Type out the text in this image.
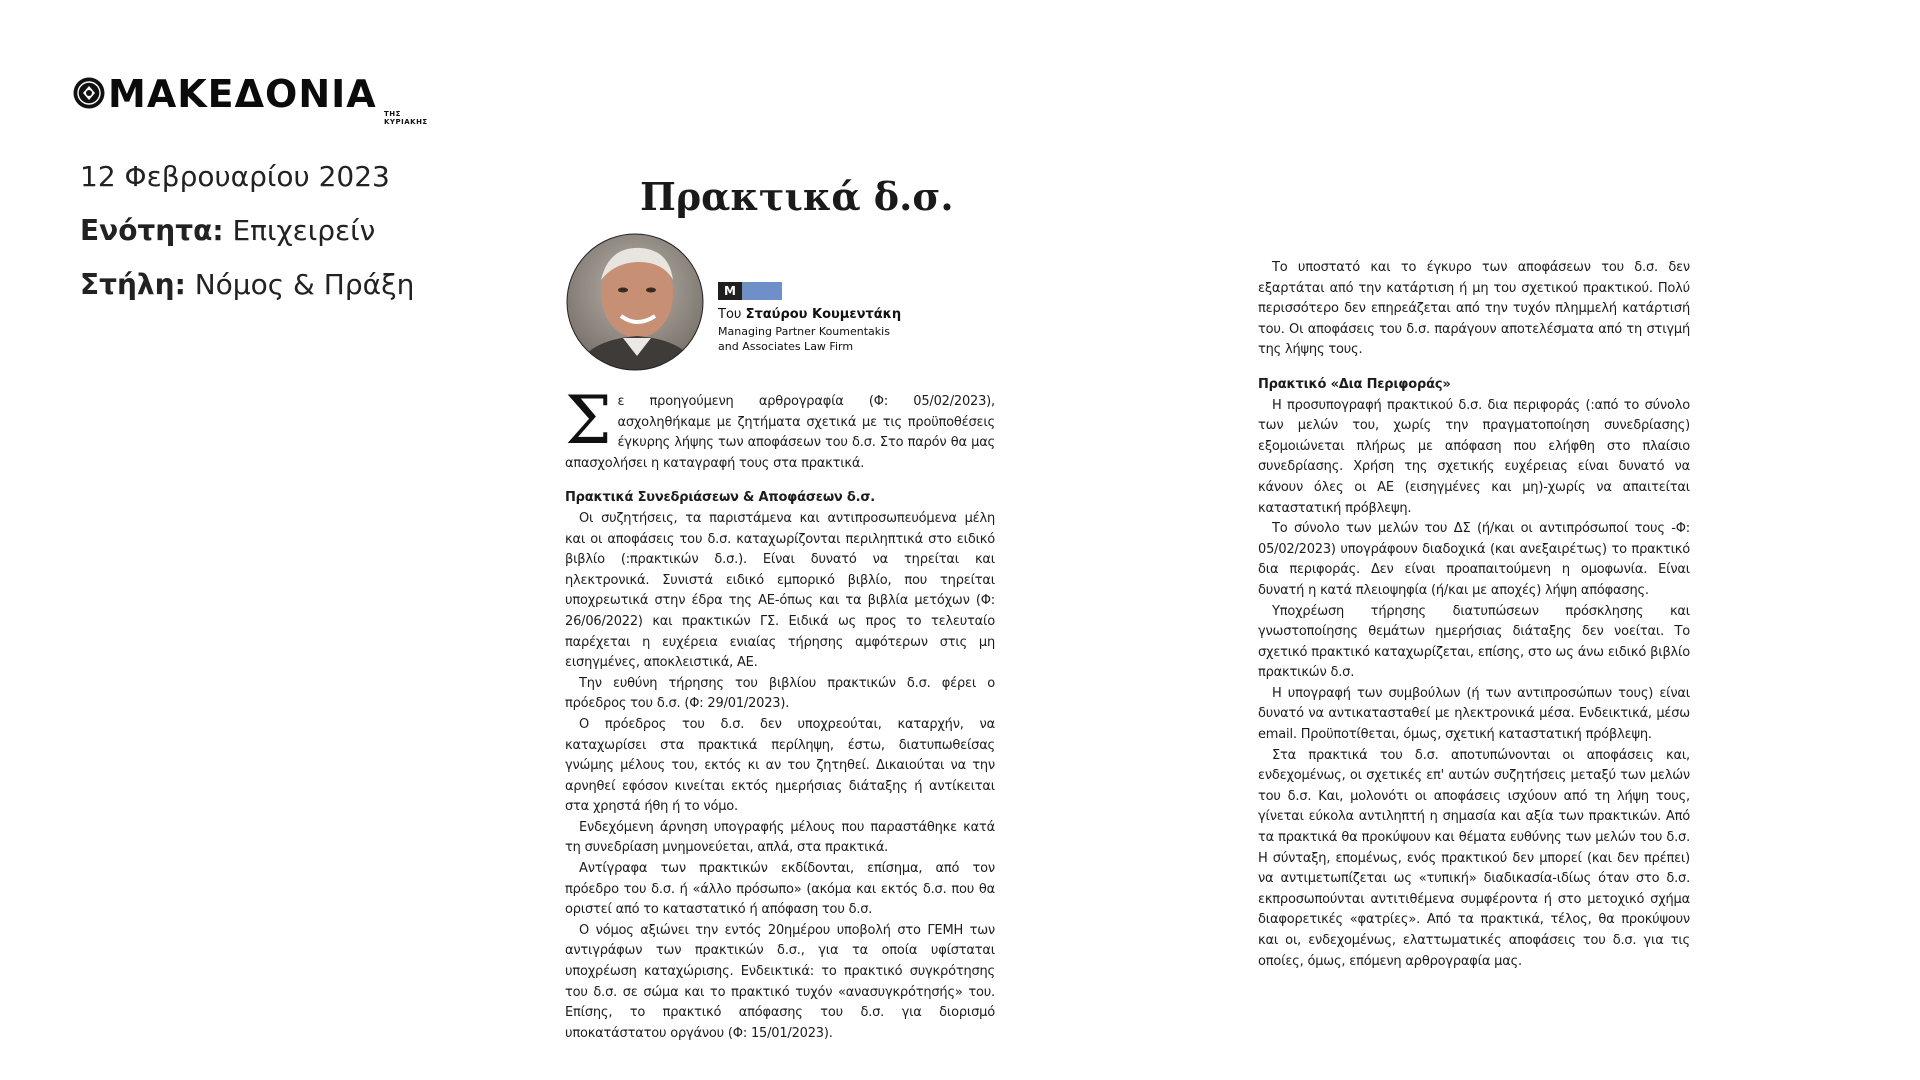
ΜΑΚΕΔΟΝΙΑ ΤΗΣ ΚΥΡΙΑΚΗΣ
12 Φεβρουαρίου 2023
Ενότητα: Επιχειρείν
Στήλη: Νόμος & Πράξη
Πρακτικά δ.σ.
M
Του Σταύρου Κουμεντάκη
Managing Partner Koumentakis
and Associates Law Firm
Σ ε προηγούμενη αρθρογραφία (Φ: 05/02/2023), ασχοληθήκαμε με ζητήματα σχετικά με τις προϋποθέσεις έγκυρης λήψης των αποφάσεων του δ.σ. Στο παρόν θα μας απασχολήσει η καταγραφή τους στα πρακτικά.

Πρακτικά Συνεδριάσεων & Αποφάσεων δ.σ.

Οι συζητήσεις, τα παριστάμενα και αντιπροσωπευόμενα μέλη και οι αποφάσεις του δ.σ. καταχωρίζονται περιληπτικά στο ειδικό βιβλίο (:πρακτικών δ.σ.). Είναι δυνατό να τηρείται και ηλεκτρονικά. Συνιστά ειδικό εμπορικό βιβλίο, που τηρείται υποχρεωτικά στην έδρα της ΑΕ-όπως και τα βιβλία μετόχων (Φ: 26/06/2022) και πρακτικών ΓΣ. Ειδικά ως προς το τελευταίο παρέχεται η ευχέρεια ενιαίας τήρησης αμφότερων στις μη εισηγμένες, αποκλειστικά, ΑΕ.

Την ευθύνη τήρησης του βιβλίου πρακτικών δ.σ. φέρει ο πρόεδρος του δ.σ. (Φ: 29/01/2023).

Ο πρόεδρος του δ.σ. δεν υποχρεούται, καταρχήν, να καταχωρίσει στα πρακτικά περίληψη, έστω, διατυπωθείσας γνώμης μέλους του, εκτός κι αν του ζητηθεί. Δικαιούται να την αρνηθεί εφόσον κινείται εκτός ημερήσιας διάταξης ή αντίκειται στα χρηστά ήθη ή το νόμο.

Ενδεχόμενη άρνηση υπογραφής μέλους που παραστάθηκε κατά τη συνεδρίαση μνημονεύεται, απλά, στα πρακτικά.

Αντίγραφα των πρακτικών εκδίδονται, επίσημα, από τον πρόεδρο του δ.σ. ή «άλλο πρόσωπο» (ακόμα και εκτός δ.σ. που θα οριστεί από το καταστατικό ή απόφαση του δ.σ.

Ο νόμος αξιώνει την εντός 20ημέρου υποβολή στο ΓΕΜΗ των αντιγράφων των πρακτικών δ.σ., για τα οποία υφίσταται υποχρέωση καταχώρισης. Ενδεικτικά: το πρακτικό συγκρότησης του δ.σ. σε σώμα και το πρακτικό τυχόν «ανασυγκρότησής» του. Επίσης, το πρακτικό απόφασης του δ.σ. για διορισμό υποκατάστατου οργάνου (Φ: 15/01/2023).

Το υποστατό και το έγκυρο των αποφάσεων του δ.σ. δεν εξαρτάται από την κατάρτιση ή μη του σχετικού πρακτικού. Πολύ περισσότερο δεν επηρεάζεται από την τυχόν πλημμελή κατάρτισή του. Οι αποφάσεις του δ.σ. παράγουν αποτελέσματα από τη στιγμή της λήψης τους.

Πρακτικό «Δια Περιφοράς»

Η προσυπογραφή πρακτικού δ.σ. δια περιφοράς (:από το σύνολο των μελών του, χωρίς την πραγματοποίηση συνεδρίασης) εξομοιώνεται πλήρως με απόφαση που ελήφθη στο πλαίσιο συνεδρίασης. Χρήση της σχετικής ευχέρειας είναι δυνατό να κάνουν όλες οι ΑΕ (εισηγμένες και μη)-χωρίς να απαιτείται καταστατική πρόβλεψη.

Το σύνολο των μελών του ΔΣ (ή/και οι αντιπρόσωποί τους -Φ: 05/02/2023) υπογράφουν διαδοχικά (και ανεξαιρέτως) το πρακτικό δια περιφοράς. Δεν είναι προαπαιτούμενη η ομοφωνία. Είναι δυνατή η κατά πλειοψηφία (ή/και με αποχές) λήψη απόφασης.

Υποχρέωση τήρησης διατυπώσεων πρόσκλησης και γνωστοποίησης θεμάτων ημερήσιας διάταξης δεν νοείται. Το σχετικό πρακτικό καταχωρίζεται, επίσης, στο ως άνω ειδικό βιβλίο πρακτικών δ.σ.

Η υπογραφή των συμβούλων (ή των αντιπροσώπων τους) είναι δυνατό να αντικατασταθεί με ηλεκτρονικά μέσα. Ενδεικτικά, μέσω email. Προϋποτίθεται, όμως, σχετική καταστατική πρόβλεψη.

Στα πρακτικά του δ.σ. αποτυπώνονται οι αποφάσεις και, ενδεχομένως, οι σχετικές επ' αυτών συζητήσεις μεταξύ των μελών του δ.σ. Και, μολονότι οι αποφάσεις ισχύουν από τη λήψη τους, γίνεται εύκολα αντιληπτή η σημασία και αξία των πρακτικών. Από τα πρακτικά θα προκύψουν και θέματα ευθύνης των μελών του δ.σ. Η σύνταξη, επομένως, ενός πρακτικού δεν μπορεί (και δεν πρέπει) να αντιμετωπίζεται ως «τυπική» διαδικασία-ιδίως όταν στο δ.σ. εκπροσωπούνται αντιτιθέμενα συμφέροντα ή στο μετοχικό σχήμα διαφορετικές «φατρίες». Από τα πρακτικά, τέλος, θα προκύψουν και οι, ενδεχομένως, ελαττωματικές αποφάσεις του δ.σ. για τις οποίες, όμως, επόμενη αρθρογραφία μας.
